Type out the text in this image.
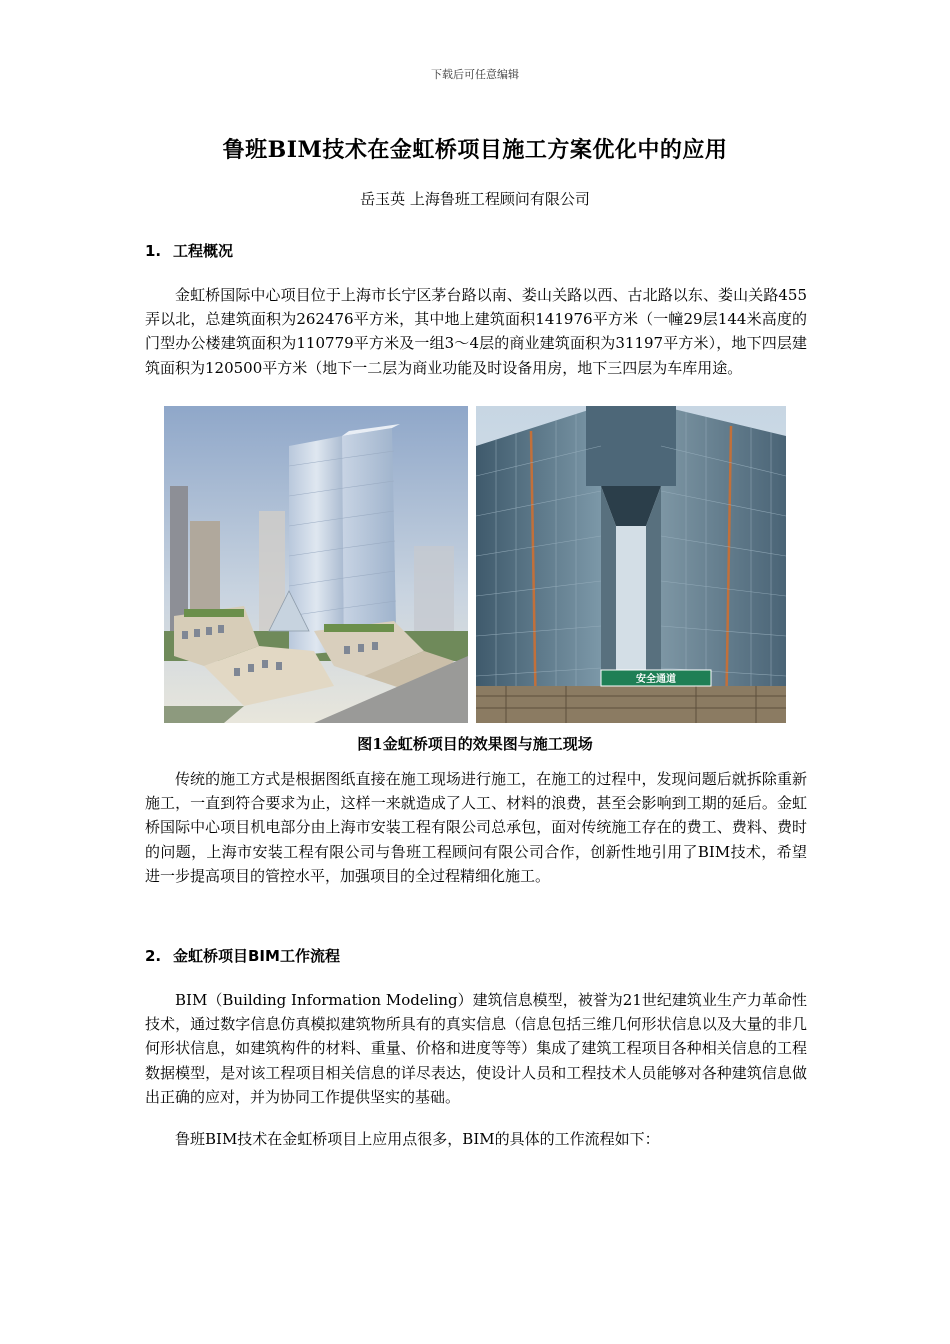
下载后可任意编辑
鲁班BIM技术在金虹桥项目施工方案优化中的应用
岳玉英 上海鲁班工程顾问有限公司
1. 工程概况

金虹桥国际中心项目位于上海市长宁区茅台路以南、娄山关路以西、古北路以东、娄山关路455弄以北，总建筑面积为262476平方米，其中地上建筑面积141976平方米（一幢29层144米高度的门型办公楼建筑面积为110779平方米及一组3～4层的商业建筑面积为31197平方米），地下四层建筑面积为120500平方米（地下一二层为商业功能及时设备用房，地下三四层为车库用途。

安全通道
图1金虹桥项目的效果图与施工现场

传统的施工方式是根据图纸直接在施工现场进行施工，在施工的过程中，发现问题后就拆除重新施工，一直到符合要求为止，这样一来就造成了人工、材料的浪费，甚至会影响到工期的延后。金虹桥国际中心项目机电部分由上海市安装工程有限公司总承包，面对传统施工存在的费工、费料、费时的问题，上海市安装工程有限公司与鲁班工程顾问有限公司合作，创新性地引用了BIM技术，希望进一步提高项目的管控水平，加强项目的全过程精细化施工。

2. 金虹桥项目BIM工作流程

BIM（Building Information Modeling）建筑信息模型，被誉为21世纪建筑业生产力革命性技术，通过数字信息仿真模拟建筑物所具有的真实信息（信息包括三维几何形状信息以及大量的非几何形状信息，如建筑构件的材料、重量、价格和进度等等）集成了建筑工程项目各种相关信息的工程数据模型，是对该工程项目相关信息的详尽表达，使设计人员和工程技术人员能够对各种建筑信息做出正确的应对，并为协同工作提供坚实的基础。

鲁班BIM技术在金虹桥项目上应用点很多，BIM的具体的工作流程如下：
